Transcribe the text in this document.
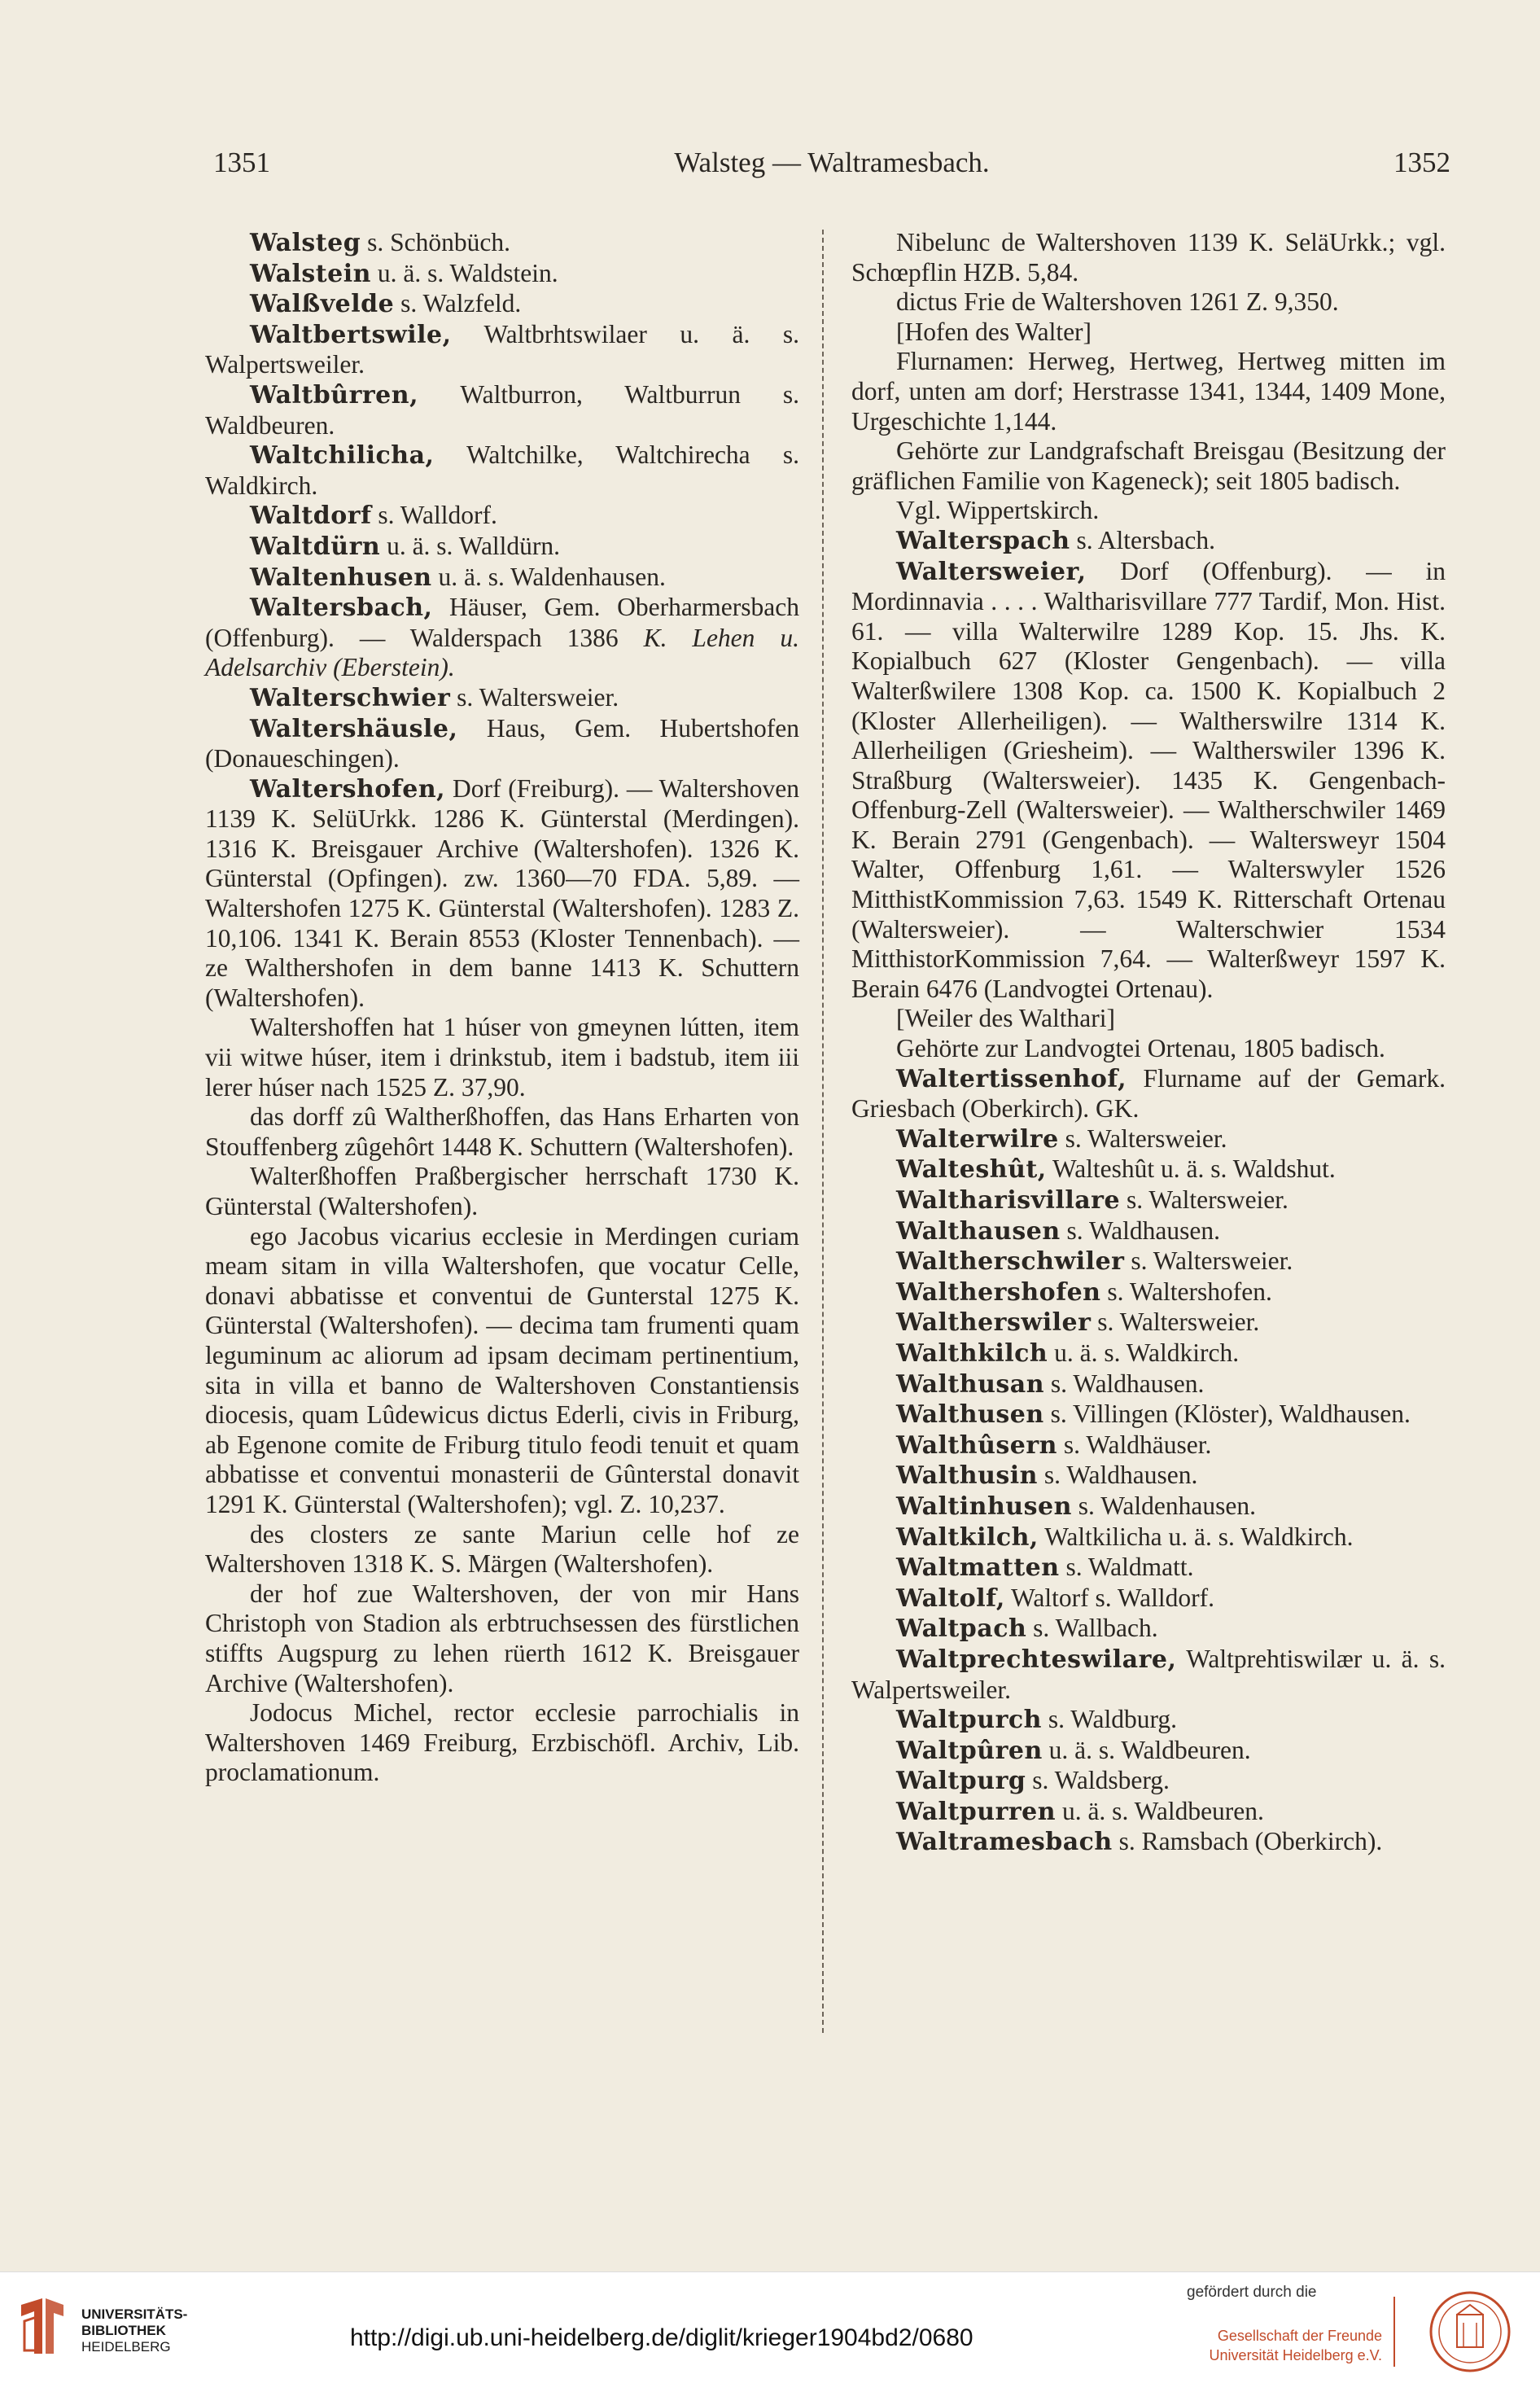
1351	Walsteg — Waltramesbach.	1352

Walsteg s. Schönbüch.

Walstein u. ä. s. Waldstein.

Walßvelde s. Walzfeld.

Waltbertswile, Waltbrhtswilaer u. ä. s. Walpertsweiler.

Waltbûrren, Waltburron, Waltburrun s. Waldbeuren.

Waltchilicha, Waltchilke, Waltchirecha s. Waldkirch.

Waltdorf s. Walldorf.

Waltdürn u. ä. s. Walldürn.

Waltenhusen u. ä. s. Waldenhausen.

Waltersbach, Häuser, Gem. Oberharmersbach (Offenburg). — Walderspach 1386 K. Lehen u. Adelsarchiv (Eberstein).

Walterschwier s. Waltersweier.

Waltershäusle, Haus, Gem. Hubertshofen (Donaueschingen).

Waltershofen, Dorf (Freiburg). — Waltershoven 1139 K. SelüUrkk. 1286 K. Günterstal (Merdingen). 1316 K. Breisgauer Archive (Waltershofen). 1326 K. Günterstal (Opfingen). zw. 1360—70 FDA. 5,89. — Waltershofen 1275 K. Günterstal (Waltershofen). 1283 Z. 10,106. 1341 K. Berain 8553 (Kloster Tennenbach). — ze Walthershofen in dem banne 1413 K. Schuttern (Waltershofen).

Waltershoffen hat 1 húser von gmeynen lútten, item vii witwe húser, item i drinkstub, item i badstub, item iii lerer húser nach 1525 Z. 37,90.

das dorff zû Waltherßhoffen, das Hans Erharten von Stouffenberg zûgehôrt 1448 K. Schuttern (Waltershofen).

Walterßhoffen Praßbergischer herrschaft 1730 K. Günterstal (Waltershofen).

ego Jacobus vicarius ecclesie in Merdingen curiam meam sitam in villa Waltershofen, que vocatur Celle, donavi abbatisse et conventui de Gunterstal 1275 K. Günterstal (Waltershofen). — decima tam frumenti quam leguminum ac aliorum ad ipsam decimam pertinentium, sita in villa et banno de Waltershoven Constantiensis diocesis, quam Lûdewicus dictus Ederli, civis in Friburg, ab Egenone comite de Friburg titulo feodi tenuit et quam abbatisse et conventui monasterii de Gûnterstal donavit 1291 K. Günterstal (Waltershofen); vgl. Z. 10,237.

des closters ze sante Mariun celle hof ze Waltershoven 1318 K. S. Märgen (Waltershofen).

der hof zue Waltershoven, der von mir Hans Christoph von Stadion als erbtruchsessen des fürstlichen stiffts Augspurg zu lehen rüerth 1612 K. Breisgauer Archive (Waltershofen).

Jodocus Michel, rector ecclesie parrochialis in Waltershoven 1469 Freiburg, Erzbischöfl. Archiv, Lib. proclamationum.

Nibelunc de Waltershoven 1139 K. SeläUrkk.; vgl. Schœpflin HZB. 5,84.

dictus Frie de Waltershoven 1261 Z. 9,350.

[Hofen des Walter]

Flurnamen: Herweg, Hertweg, Hertweg mitten im dorf, unten am dorf; Herstrasse 1341, 1344, 1409 Mone, Urgeschichte 1,144.

Gehörte zur Landgrafschaft Breisgau (Besitzung der gräflichen Familie von Kageneck); seit 1805 badisch.

Vgl. Wippertskirch.

Walterspach s. Altersbach.

Waltersweier, Dorf (Offenburg). — in Mordinnavia . . . . Waltharisvillare 777 Tardif, Mon. Hist. 61. — villa Walterwilre 1289 Kop. 15. Jhs. K. Kopialbuch 627 (Kloster Gengenbach). — villa Walterßwilere 1308 Kop. ca. 1500 K. Kopialbuch 2 (Kloster Allerheiligen). — Waltherswilre 1314 K. Allerheiligen (Griesheim). — Waltherswiler 1396 K. Straßburg (Waltersweier). 1435 K. Gengenbach-Offenburg-Zell (Waltersweier). — Waltherschwiler 1469 K. Berain 2791 (Gengenbach). — Waltersweyr 1504 Walter, Offenburg 1,61. — Walterswyler 1526 MitthistKommission 7,63. 1549 K. Ritterschaft Ortenau (Waltersweier). — Walterschwier 1534 MitthistorKommission 7,64. — Walterßweyr 1597 K. Berain 6476 (Landvogtei Ortenau).

[Weiler des Walthari]

Gehörte zur Landvogtei Ortenau, 1805 badisch.

Waltertissenhof, Flurname auf der Gemark. Griesbach (Oberkirch). GK.

Walterwilre s. Waltersweier.

Walteshût, Walteshût u. ä. s. Waldshut.

Waltharisvillare s. Waltersweier.

Walthausen s. Waldhausen.

Waltherschwiler s. Waltersweier.

Walthershofen s. Waltershofen.

Waltherswiler s. Waltersweier.

Walthkilch u. ä. s. Waldkirch.

Walthusan s. Waldhausen.

Walthusen s. Villingen (Klöster), Waldhausen.

Walthûsern s. Waldhäuser.

Walthusin s. Waldhausen.

Waltinhusen s. Waldenhausen.

Waltkilch, Waltkilicha u. ä. s. Waldkirch.

Waltmatten s. Waldmatt.

Waltolf, Waltorf s. Walldorf.

Waltpach s. Wallbach.

Waltprechteswilare, Waltprehtiswilær u. ä. s. Walpertsweiler.

Waltpurch s. Waldburg.

Waltpûren u. ä. s. Waldbeuren.

Waltpurg s. Waldsberg.

Waltpurren u. ä. s. Waldbeuren.

Waltramesbach s. Ramsbach (Oberkirch).

UNIVERSITÄTS-
BIBLIOTHEK
HEIDELBERG	http://digi.ub.uni-heidelberg.de/diglit/krieger1904bd2/0680
gefördert durch die
Gesellschaft der Freunde
Universität Heidelberg e.V.
